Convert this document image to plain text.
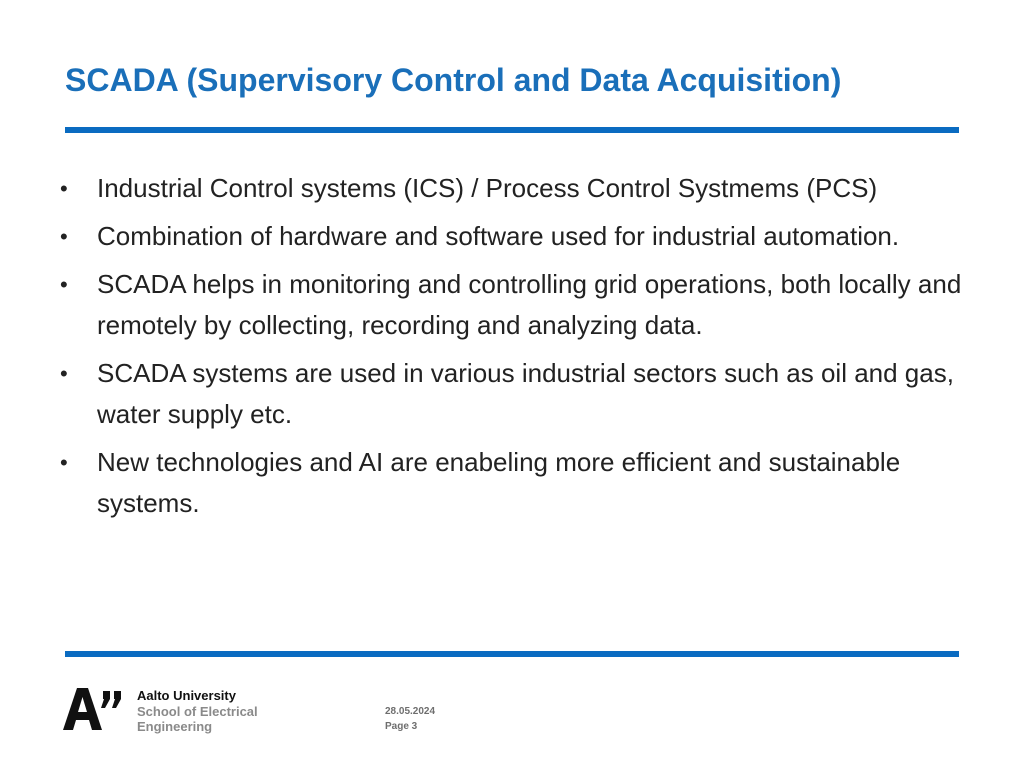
SCADA (Supervisory Control and Data Acquisition)
• Industrial Control systems (ICS) / Process Control Systmems (PCS)
• Combination of hardware and software used for industrial automation.
• SCADA helps in monitoring and controlling grid operations, both locally and remotely by collecting, recording and analyzing data.
• SCADA systems are used in various industrial sectors such as oil and gas, water supply etc.
• New technologies and AI are enabeling more efficient and sustainable systems.
Aalto University
School of Electrical
Engineering
28.05.2024
Page 3
